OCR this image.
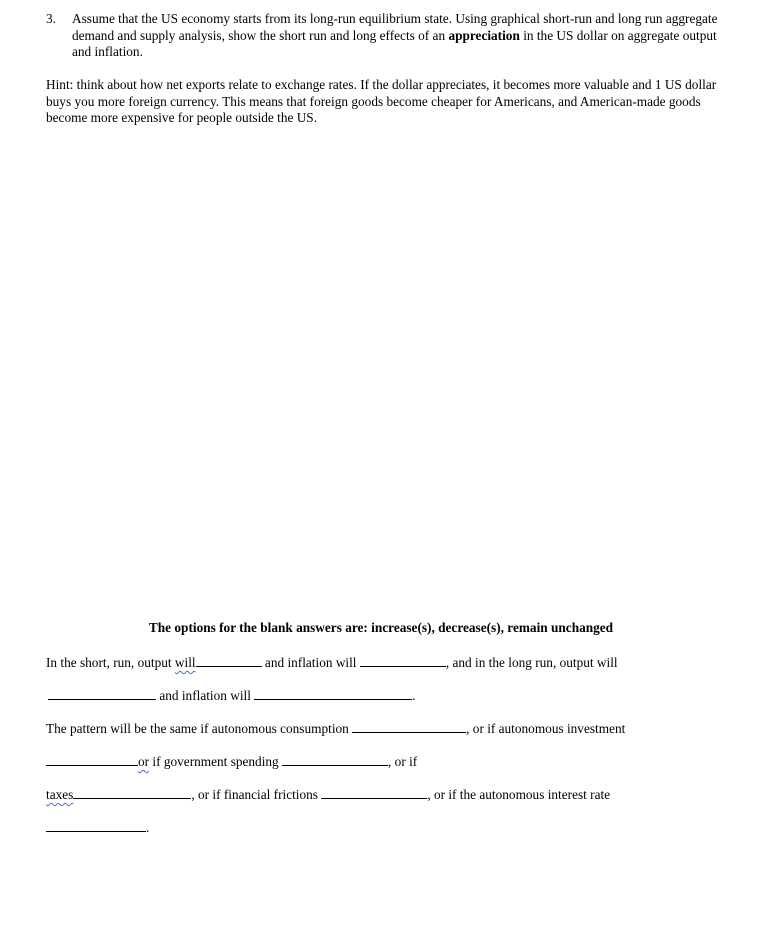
3. Assume that the US economy starts from its long-run equilibrium state. Using graphical short-run and long run aggregate demand and supply analysis, show the short run and long effects of an appreciation in the US dollar on aggregate output and inflation.
Hint: think about how net exports relate to exchange rates. If the dollar appreciates, it becomes more valuable and 1 US dollar buys you more foreign currency. This means that foreign goods become cheaper for Americans, and American-made goods become more expensive for people outside the US.
The options for the blank answers are: increase(s), decrease(s), remain unchanged
In the short, run, output will	and inflation will	, and in the long run, output will
and inflation will	.
The pattern will be the same if autonomous consumption	, or if autonomous investment
or if government spending	, or if
taxes	, or if financial frictions	, or if the autonomous interest rate
.
